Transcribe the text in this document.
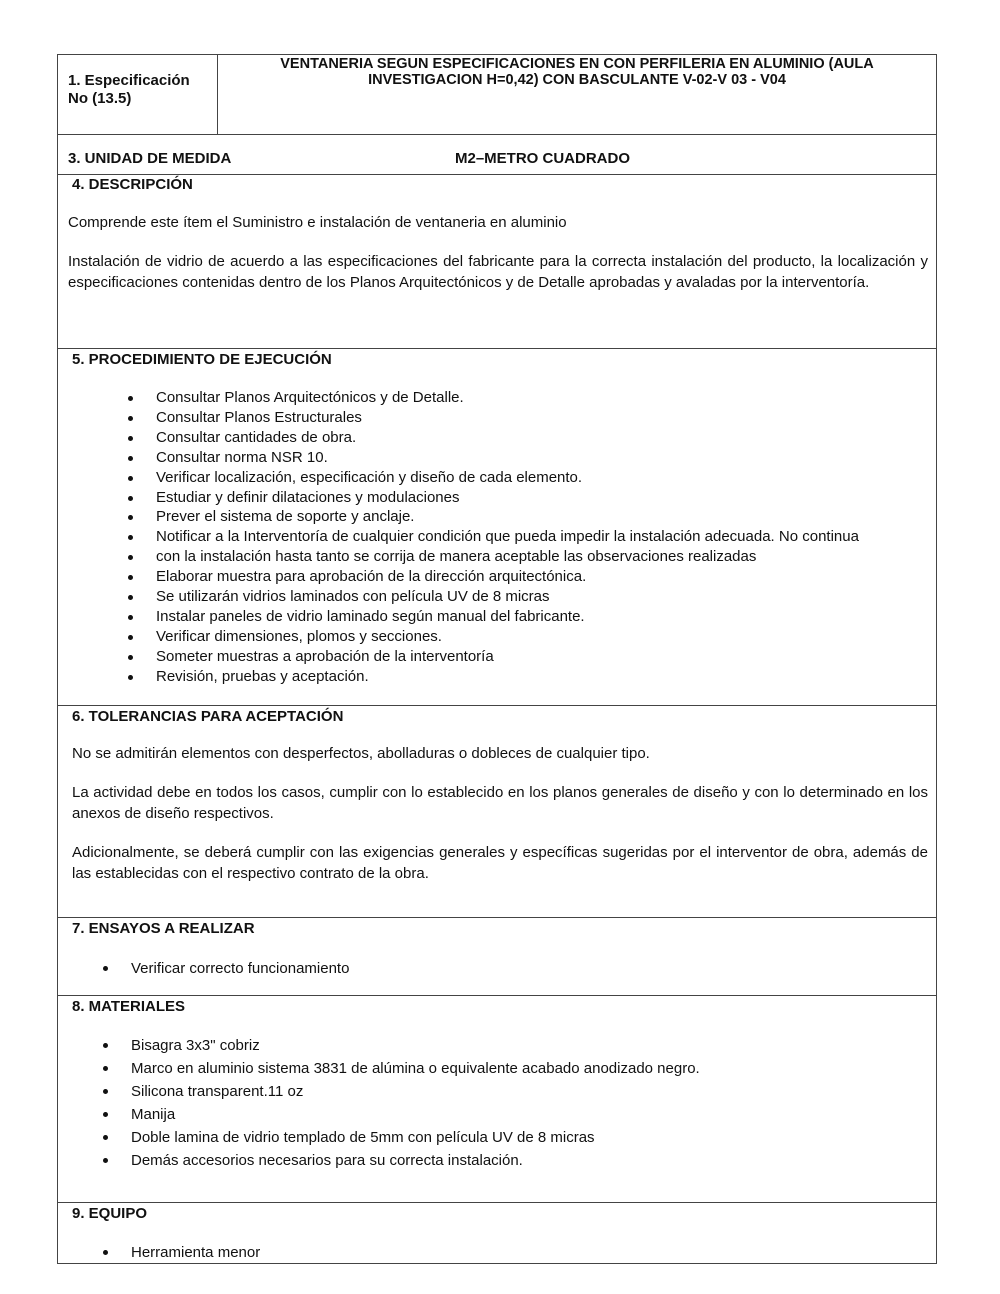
1. Especificación
No (13.5)
VENTANERIA SEGUN ESPECIFICACIONES EN CON PERFILERIA EN ALUMINIO (AULA
INVESTIGACION H=0,42) CON BASCULANTE V-02-V 03 - V04
3. UNIDAD DE MEDIDA	M2–METRO CUADRADO
4. DESCRIPCIÓN
Comprende este ítem el Suministro e instalación de ventaneria en aluminio
Instalación de vidrio de acuerdo a las especificaciones del fabricante para la correcta instalación del producto, la localización y especificaciones contenidas dentro de los Planos Arquitectónicos y de Detalle aprobadas y avaladas por la interventoría.
5. PROCEDIMIENTO DE EJECUCIÓN
Consultar Planos Arquitectónicos y de Detalle.
Consultar Planos Estructurales
Consultar cantidades de obra.
Consultar norma NSR 10.
Verificar localización, especificación y diseño de cada elemento.
Estudiar y definir dilataciones y modulaciones
Prever el sistema de soporte y anclaje.
Notificar a la Interventoría de cualquier condición que pueda impedir la instalación adecuada. No continua
con la instalación hasta tanto se corrija de manera aceptable las observaciones realizadas
Elaborar muestra para aprobación de la dirección arquitectónica.
Se utilizarán vidrios laminados con película UV de 8 micras
Instalar paneles de vidrio laminado según manual del fabricante.
Verificar dimensiones, plomos y secciones.
Someter muestras a aprobación de la interventoría
Revisión, pruebas y aceptación.
6. TOLERANCIAS PARA ACEPTACIÓN
No se admitirán elementos con desperfectos, abolladuras o dobleces de cualquier tipo.
La actividad debe en todos los casos, cumplir con lo establecido en los planos generales de diseño y con lo determinado en los anexos de diseño respectivos.
Adicionalmente, se deberá cumplir con las exigencias generales y específicas sugeridas por el interventor de obra, además de las establecidas con el respectivo contrato de la obra.
7. ENSAYOS A REALIZAR
Verificar correcto funcionamiento
8. MATERIALES
Bisagra 3x3" cobriz
Marco en aluminio sistema 3831 de alúmina o equivalente acabado anodizado negro.
Silicona transparent.11 oz
Manija
Doble lamina de vidrio templado de 5mm con película UV de 8 micras
Demás accesorios necesarios para su correcta instalación.
9. EQUIPO
Herramienta menor
